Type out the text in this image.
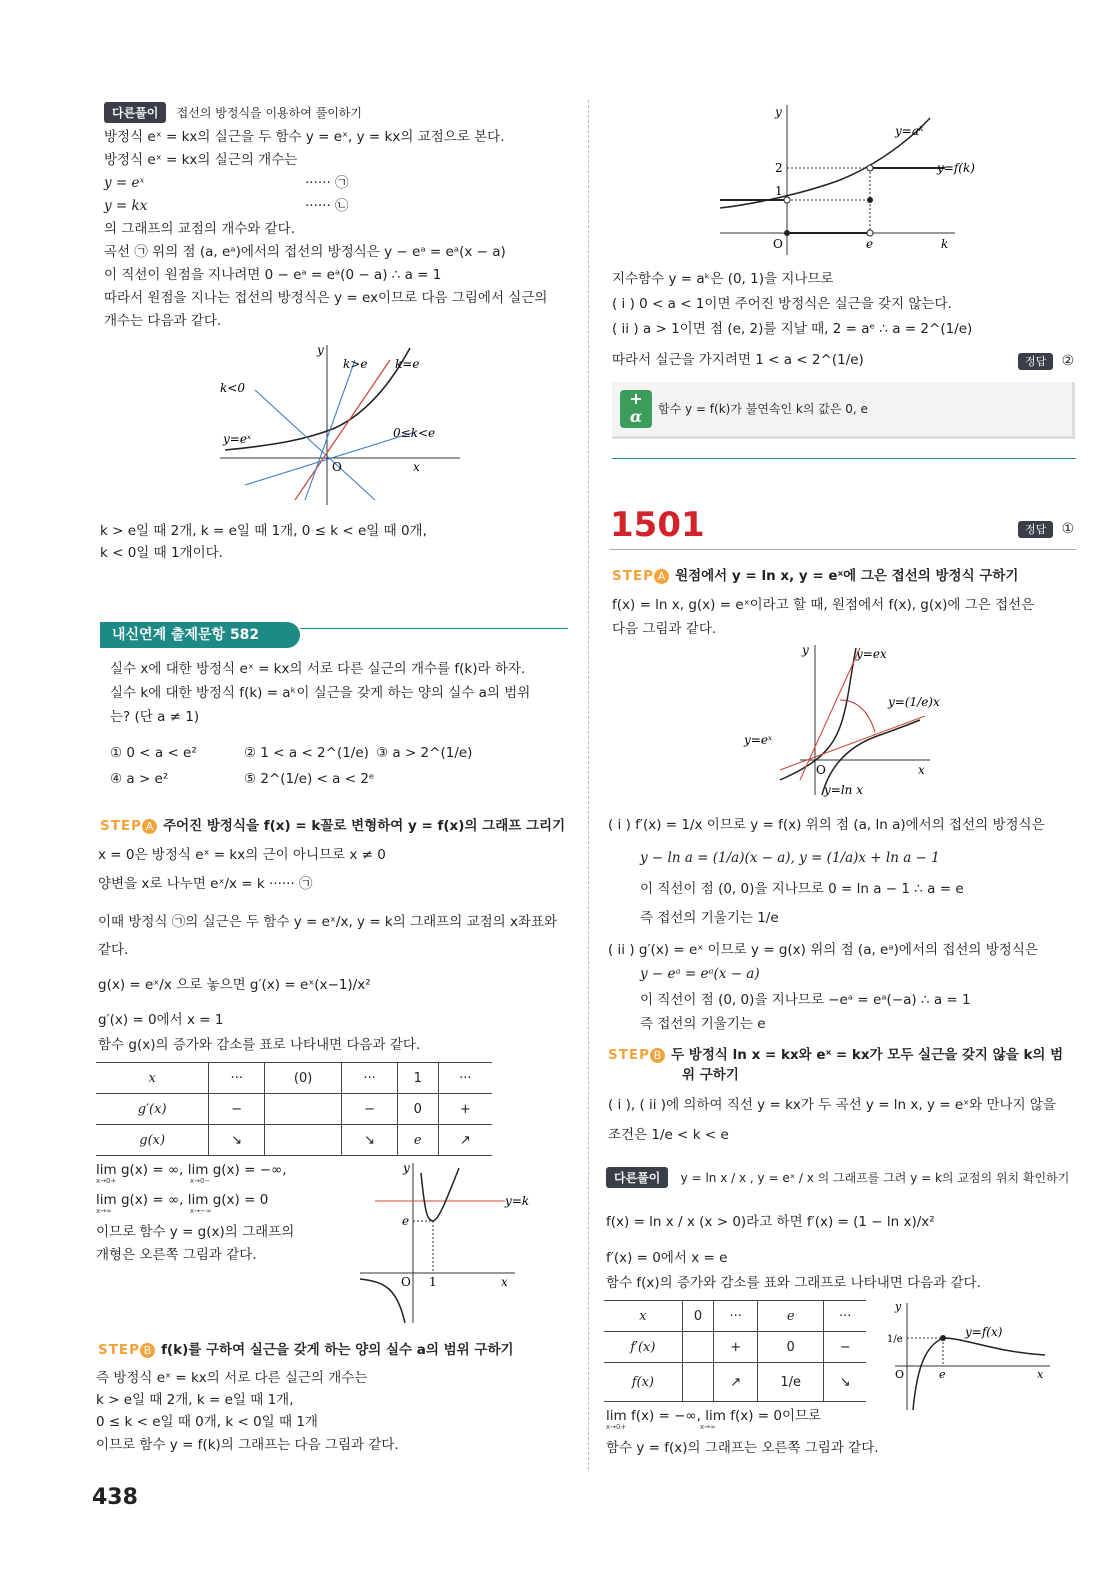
다른풀이 접선의 방정식을 이용하여 풀이하기
방정식 eˣ = kx의 실근을 두 함수 y = eˣ, y = kx의 교점으로 본다.
방정식 eˣ = kx의 실근의 개수는
y = eˣ	······ ㉠
y = kx	······ ㉡
의 그래프의 교점의 개수와 같다.
곡선 ㉠ 위의 점 (a, eᵃ)에서의 접선의 방정식은 y − eᵃ = eᵃ(x − a)
이 직선이 원점을 지나려면 0 − eᵃ = eᵃ(0 − a) ∴ a = 1
따라서 원점을 지나는 접선의 방정식은 y = ex이므로 다음 그림에서 실근의
개수는 다음과 같다.
k>e k=e
k<0
0≤k<e
y=eˣ
O	x
y
k > e일 때 2개, k = e일 때 1개, 0 ≤ k < e일 때 0개,
k < 0일 때 1개이다.
내신연계 출제문항 582
실수 x에 대한 방정식 eˣ = kx의 서로 다른 실근의 개수를 f(k)라 하자.
실수 k에 대한 방정식 f(k) = aᵏ이 실근을 갖게 하는 양의 실수 a의 범위
는? (단 a ≠ 1)
① 0 < a < e²	② 1 < a < 2^(1/e) ③ a > 2^(1/e)
④ a > e²	⑤ 2^(1/e) < a < 2ᵉ
STEP A 주어진 방정식을 f(x) = k꼴로 변형하여 y = f(x)의 그래프 그리기
x = 0은 방정식 eˣ = kx의 근이 아니므로 x ≠ 0
양변을 x로 나누면 eˣ/x = k ······ ㉠
이때 방정식 ㉠의 실근은 두 함수 y = eˣ/x, y = k의 그래프의 교점의 x좌표와
같다.
g(x) = eˣ/x 으로 놓으면 g′(x) = eˣ(x−1)/x²
g′(x) = 0에서 x = 1
함수 g(x)의 증가와 감소를 표로 나타내면 다음과 같다.
x	···	(0)	···	1	···
g′(x)	−		−	0	+
g(x)	↘		↘	e	↗
lim g(x) = ∞, lim g(x) = −∞,
lim g(x) = ∞, lim g(x) = 0
x→0+	x→0−
x→∞	x→−∞
이므로 함수 y = g(x)의 그래프의
개형은 오른쪽 그림과 같다.
y
y=k
e
O 1	x
STEP B f(k)를 구하여 실근을 갖게 하는 양의 실수 a의 범위 구하기
즉 방정식 eˣ = kx의 서로 다른 실근의 개수는
k > e일 때 2개, k = e일 때 1개,
0 ≤ k < e일 때 0개, k < 0일 때 1개
이므로 함수 y = f(k)의 그래프는 다음 그림과 같다.
438
y
y=aᵏ
2	y=f(k)
1
O	e	k
지수함수 y = aᵏ은 (0, 1)을 지나므로
( i ) 0 < a < 1이면 주어진 방정식은 실근을 갖지 않는다.
( ii ) a > 1이면 점 (e, 2)를 지날 때, 2 = aᵉ ∴ a = 2^(1/e)
따라서 실근을 가지려면 1 < a < 2^(1/e)	정답 ②
+
α	함수 y = f(k)가 불연속인 k의 값은 0, e
1501	정답 ①
STEP A 원점에서 y = ln x, y = eˣ에 그은 접선의 방정식 구하기
f(x) = ln x, g(x) = eˣ이라고 할 때, 원점에서 f(x), g(x)에 그은 접선은
다음 그림과 같다.
y	y=ex
y=(1/e)x
y=eˣ
O	x
y=ln x
( i ) f′(x) = 1/x 이므로 y = f(x) 위의 점 (a, ln a)에서의 접선의 방정식은
y − ln a = (1/a)(x − a), y = (1/a)x + ln a − 1
이 직선이 점 (0, 0)을 지나므로 0 = ln a − 1 ∴ a = e
즉 접선의 기울기는 1/e
( ii ) g′(x) = eˣ 이므로 y = g(x) 위의 점 (a, eᵃ)에서의 접선의 방정식은
y − eᵃ = eᵃ(x − a)
이 직선이 점 (0, 0)을 지나므로 −eᵃ = eᵃ(−a) ∴ a = 1
즉 접선의 기울기는 e
STEP B 두 방정식 ln x = kx와 eˣ = kx가 모두 실근을 갖지 않을 k의 범
위 구하기
( i ), ( ii )에 의하여 직선 y = kx가 두 곡선 y = ln x, y = eˣ와 만나지 않을
조건은 1/e < k < e
다른풀이 y = ln x / x , y = eˣ / x 의 그래프를 그려 y = k의 교점의 위치 확인하기
f(x) = ln x / x (x > 0)라고 하면 f′(x) = (1 − ln x)/x²
f′(x) = 0에서 x = e
함수 f(x)의 증가와 감소를 표와 그래프로 나타내면 다음과 같다.
x	0	···	e	···
f′(x)		+	0	−
f(x)		↗	1/e	↘
y
1/e
y=f(x)
O	e	x
lim f(x) = −∞, lim f(x) = 0이므로
x→0+	x→∞
함수 y = f(x)의 그래프는 오른쪽 그림과 같다.
